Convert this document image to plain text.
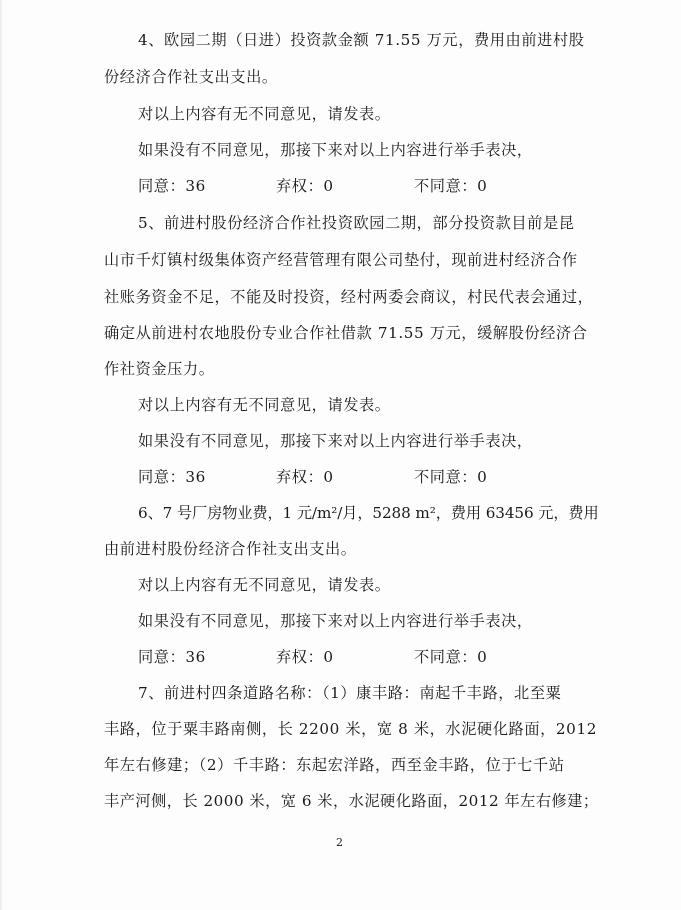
4、欧园二期（日进）投资款金额 71.55 万元，费用由前进村股
份经济合作社支出支出。
对以上内容有无不同意见，请发表。
如果没有不同意见，那接下来对以上内容进行举手表决，
同意：36	弃权：0	不同意：0
5、前进村股份经济合作社投资欧园二期，部分投资款目前是昆
山市千灯镇村级集体资产经营管理有限公司垫付，现前进村经济合作
社账务资金不足，不能及时投资，经村两委会商议，村民代表会通过，
确定从前进村农地股份专业合作社借款 71.55 万元，缓解股份经济合
作社资金压力。
对以上内容有无不同意见，请发表。
如果没有不同意见，那接下来对以上内容进行举手表决，
同意：36	弃权：0	不同意：0
6、7 号厂房物业费，1 元/m²/月，5288 m²，费用 63456 元，费用
由前进村股份经济合作社支出支出。
对以上内容有无不同意见，请发表。
如果没有不同意见，那接下来对以上内容进行举手表决，
同意：36	弃权：0	不同意：0
7、前进村四条道路名称：（1）康丰路：南起千丰路，北至粟
丰路，位于粟丰路南侧，长 2200 米，宽 8 米，水泥硬化路面，2012
年左右修建；（2）千丰路：东起宏洋路，西至金丰路，位于七千站
丰产河侧，长 2000 米，宽 6 米，水泥硬化路面，2012 年左右修建；
2
